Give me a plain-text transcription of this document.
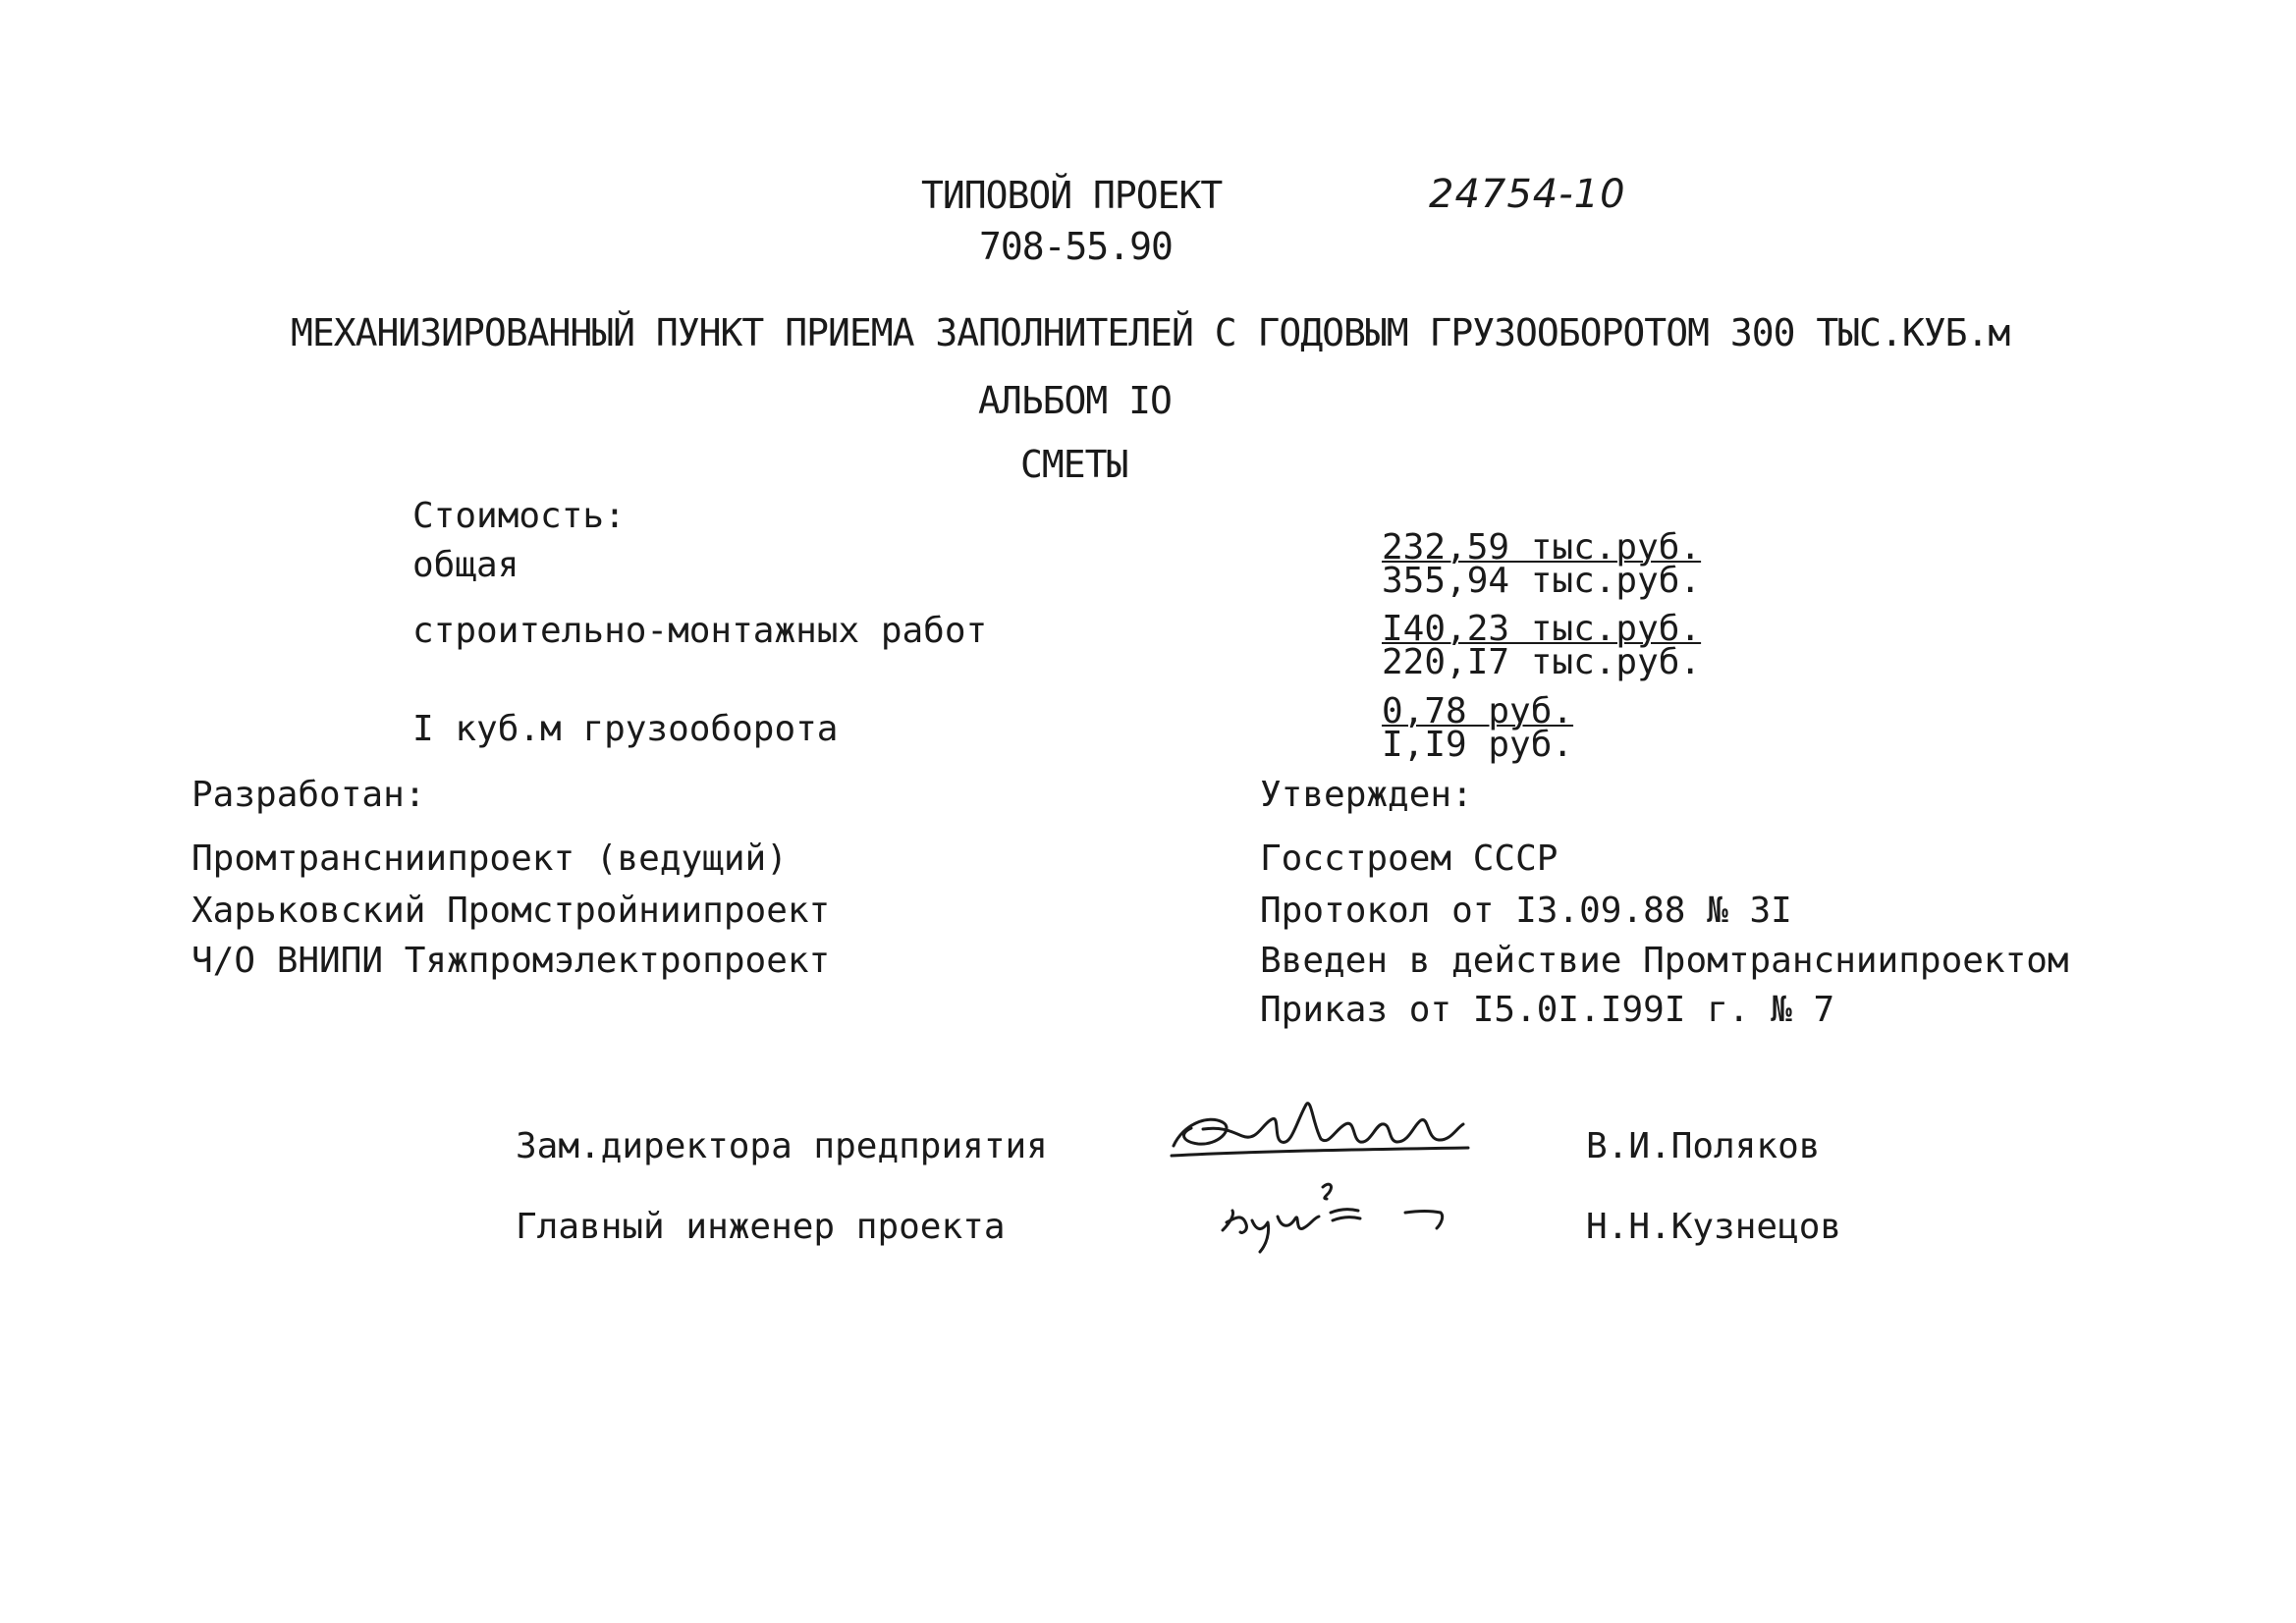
ТИПОВОЙ ПРОЕКТ	24754-10
708-55.90
МЕХАНИЗИРОВАННЫЙ ПУНКТ ПРИЕМА ЗАПОЛНИТЕЛЕЙ С ГОДОВЫМ ГРУЗООБОРОТОМ 300 ТЫС.КУБ.м
АЛЬБОМ IO
СМЕТЫ
Стоимость:
общая	232,59 тыс.руб.
355,94 тыс.руб.
строительно-монтажных работ	I40,23 тыс.руб.
220,I7 тыс.руб.
I куб.м грузооборота	0,78 руб.
I,I9 руб.
Разработан:
Промтрансниипроект (ведущий)
Харьковский Промстройниипроект
Ч/О ВНИПИ Тяжпромэлектропроект
Утвержден:
Госстроем СССР
Протокол от I3.09.88 № 3I
Введен в действие Промтрансниипроектом
Приказ от I5.0I.I99I г. № 7
Зам.директора предприятия	В.И.Поляков
Главный инженер проекта	Н.Н.Кузнецов
